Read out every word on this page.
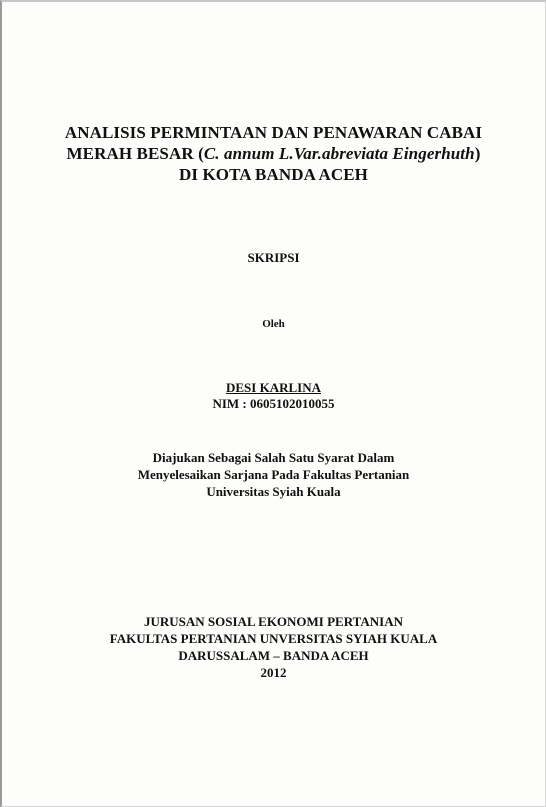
ANALISIS PERMINTAAN DAN PENAWARAN CABAI
MERAH BESAR (C. annum L.Var.abreviata Eingerhuth)
DI KOTA BANDA ACEH
SKRIPSI
Oleh
DESI KARLINA
NIM : 0605102010055
Diajukan Sebagai Salah Satu Syarat Dalam
Menyelesaikan Sarjana Pada Fakultas Pertanian
Universitas Syiah Kuala
JURUSAN SOSIAL EKONOMI PERTANIAN
FAKULTAS PERTANIAN UNVERSITAS SYIAH KUALA
DARUSSALAM – BANDA ACEH
2012
